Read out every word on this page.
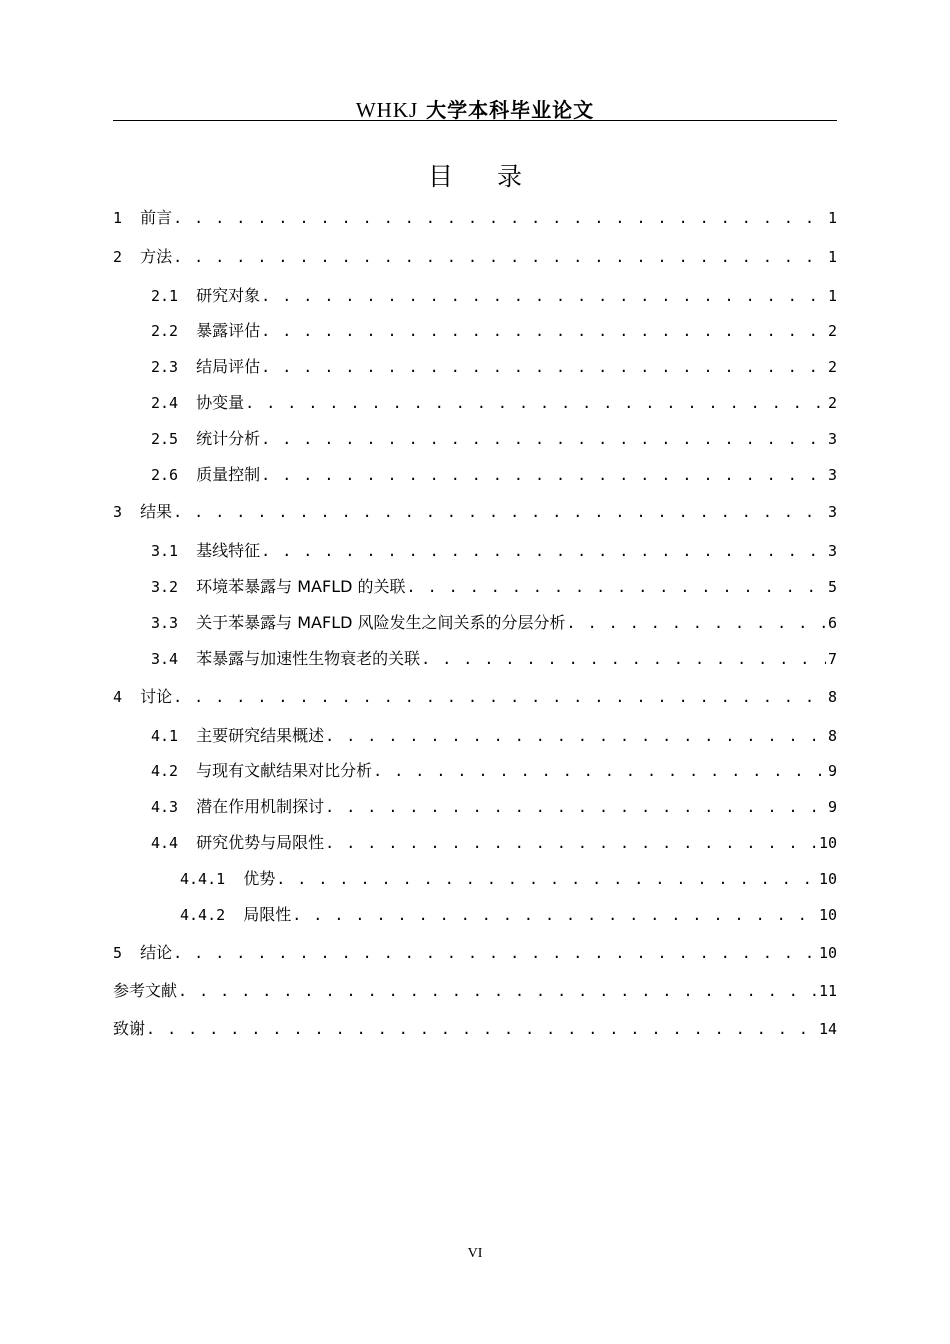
WHKJ 大学本科毕业论文
目 录
1 前言 . . .	1
2 方法 . . .	1
2.1 研究对象 . . .	1
2.2 暴露评估 . . .	2
2.3 结局评估 . . .	2
2.4 协变量 . . .	2
2.5 统计分析 . . .	3
2.6 质量控制 . . .	3
3 结果 . . .	3
3.1 基线特征 . . .	3
3.2 环境苯暴露与 MAFLD 的关联 . . .	5
3.3 关于苯暴露与 MAFLD 风险发生之间关系的分层分析 . . .	6
3.4 苯暴露与加速性生物衰老的关联 . . .	7
4 讨论 . . .	8
4.1 主要研究结果概述 . . .	8
4.2 与现有文献结果对比分析 . . .	9
4.3 潜在作用机制探讨 . . .	9
4.4 研究优势与局限性 . . .	10
4.4.1 优势 . . .	10
4.4.2 局限性 . . .	10
5 结论 . . .	10
参考文献 . . .	11
致谢 . . .	14
VI
